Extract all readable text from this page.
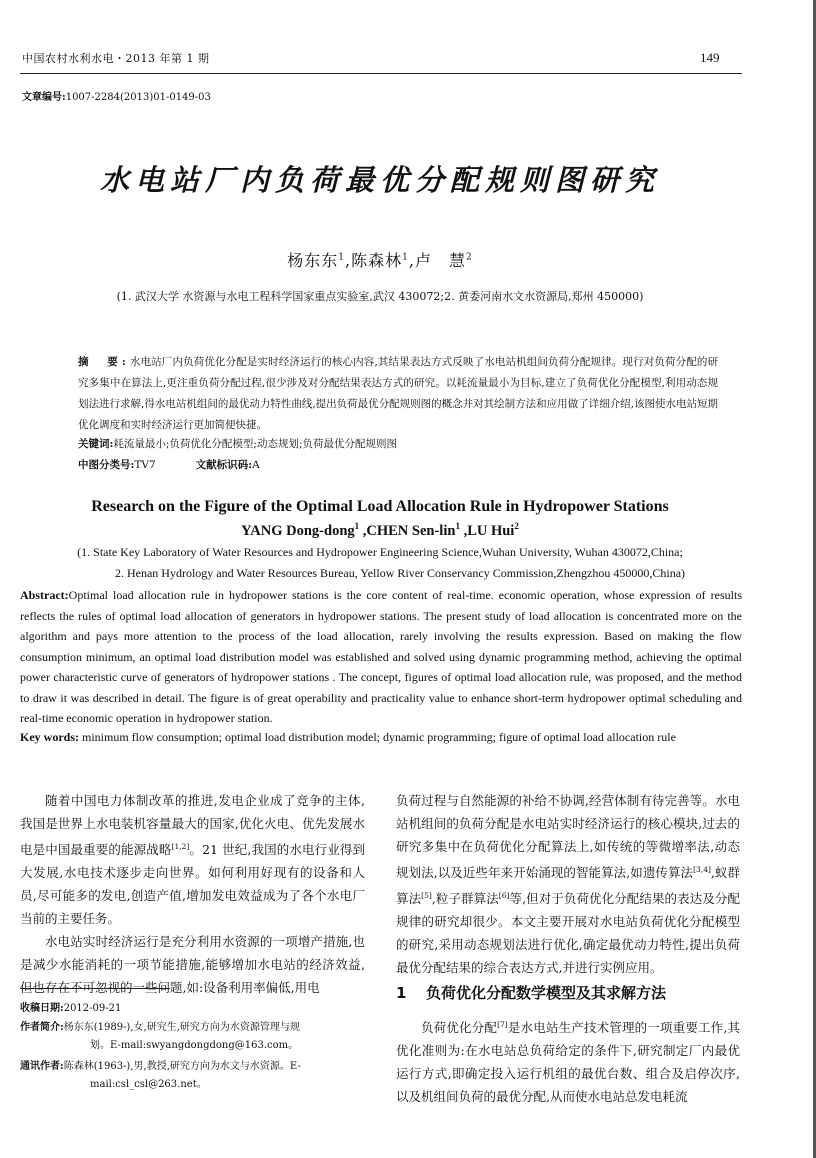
中国农村水利水电・2013 年第 1 期	149
文章编号:1007-2284(2013)01-0149-03
水电站厂内负荷最优分配规则图研究
杨东东$^1$,陈森林$^1$,卢　慧$^2$
(1. 武汉大学 水资源与水电工程科学国家重点实验室,武汉 430072;2. 黄委河南水文水资源局,郑州 450000)
摘　要:水电站厂内负荷优化分配是实时经济运行的核心内容,其结果表达方式反映了水电站机组间负荷分配规律。现行对负荷分配的研究多集中在算法上,更注重负荷分配过程,很少涉及对分配结果表达方式的研究。以耗流量最小为目标,建立了负荷优化分配模型,利用动态规划法进行求解,得水电站机组间的最优动力特性曲线,提出负荷最优分配规则图的概念并对其绘制方法和应用做了详细介绍,该图使水电站短期优化调度和实时经济运行更加简便快捷。
关键词:耗流量最小;负荷优化分配模型;动态规划;负荷最优分配规则图
中图分类号:TV7	文献标识码:A
Research on the Figure of the Optimal Load Allocation Rule in Hydropower Stations
YANG Dong-dong$^1$ ,CHEN Sen-lin$^1$ ,LU Hui$^2$
(1. State Key Laboratory of Water Resources and Hydropower Engineering Science,Wuhan University, Wuhan 430072,China;
2. Henan Hydrology and Water Resources Bureau, Yellow River Conservancy Commission,Zhengzhou 450000,China)
Abstract:Optimal load allocation rule in hydropower stations is the core content of real-time. economic operation, whose expression of results reflects the rules of optimal load allocation of generators in hydropower stations. The present study of load allocation is concentrated more on the algorithm and pays more attention to the process of the load allocation, rarely involving the results expression. Based on making the flow consumption minimum, an optimal load distribution model was established and solved using dynamic programming method, achieving the optimal power characteristic curve of generators of hydropower stations . The concept, figures of optimal load allocation rule, was proposed, and the method to draw it was described in detail. The figure is of great operability and practicality value to enhance short-term hydropower optimal scheduling and real-time economic operation in hydropower station.
Key words: minimum flow consumption; optimal load distribution model; dynamic programming; figure of optimal load allocation rule

随着中国电力体制改革的推进,发电企业成了竞争的主体,我国是世界上水电装机容量最大的国家,优化火电、优先发展水电是中国最重要的能源战略[1,2]。21 世纪,我国的水电行业得到大发展,水电技术逐步走向世界。如何利用好现有的设备和人员,尽可能多的发电,创造产值,增加发电效益成为了各个水电厂当前的主要任务。

水电站实时经济运行是充分利用水资源的一项增产措施,也是减少水能消耗的一项节能措施,能够增加水电站的经济效益,但也存在不可忽视的一些问题,如:设备利用率偏低,用电

收稿日期:2012-09-21
作者简介:杨东东(1989-),女,研究生,研究方向为水资源管理与规
划。E-mail:swyangdongdong@163.com。
通讯作者:陈森林(1963-),男,教授,研究方向为水文与水资源。E-
mail:csl_csl@263.net。

负荷过程与自然能源的补给不协调,经营体制有待完善等。水电站机组间的负荷分配是水电站实时经济运行的核心模块,过去的研究多集中在负荷优化分配算法上,如传统的等微增率法,动态规划法,以及近些年来开始涌现的智能算法,如遗传算法[3,4],蚁群算法[5],粒子群算法[6]等,但对于负荷优化分配结果的表达及分配规律的研究却很少。本文主要开展对水电站负荷优化分配模型的研究,采用动态规划法进行优化,确定最优动力特性,提出负荷最优分配结果的综合表达方式,并进行实例应用。

1 负荷优化分配数学模型及其求解方法

负荷优化分配[7]是水电站生产技术管理的一项重要工作,其优化准则为:在水电站总负荷给定的条件下,研究制定厂内最优运行方式,即确定投入运行机组的最优台数、组合及启停次序,以及机组间负荷的最优分配,从而使水电站总发电耗流
